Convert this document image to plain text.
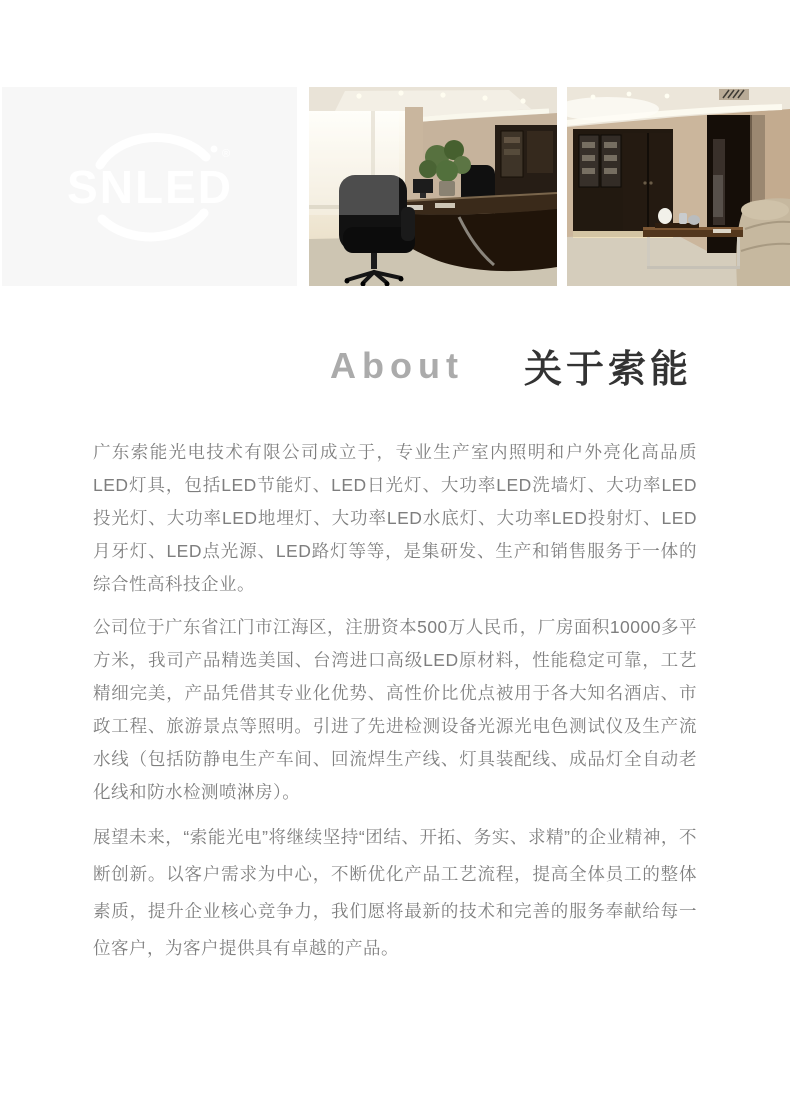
SNLED
®
About 关于索能

广东索能光电技术有限公司成立于，专业生产室内照明和户外亮化高品质LED灯具，包括LED节能灯、LED日光灯、大功率LED洗墙灯、大功率LED投光灯、大功率LED地埋灯、大功率LED水底灯、大功率LED投射灯、LED月牙灯、LED点光源、LED路灯等等，是集研发、生产和销售服务于一体的综合性高科技企业。

公司位于广东省江门市江海区，注册资本500万人民币，厂房面积10000多平方米，我司产品精选美国、台湾进口高级LED原材料，性能稳定可靠，工艺精细完美，产品凭借其专业化优势、高性价比优点被用于各大知名酒店、市政工程、旅游景点等照明。引进了先进检测设备光源光电色测试仪及生产流水线（包括防静电生产车间、回流焊生产线、灯具装配线、成品灯全自动老化线和防水检测喷淋房）。

展望未来，“索能光电”将继续坚持“团结、开拓、务实、求精”的企业精神，不断创新。以客户需求为中心，不断优化产品工艺流程，提高全体员工的整体素质，提升企业核心竞争力，我们愿将最新的技术和完善的服务奉献给每一位客户，为客户提供具有卓越的产品。
